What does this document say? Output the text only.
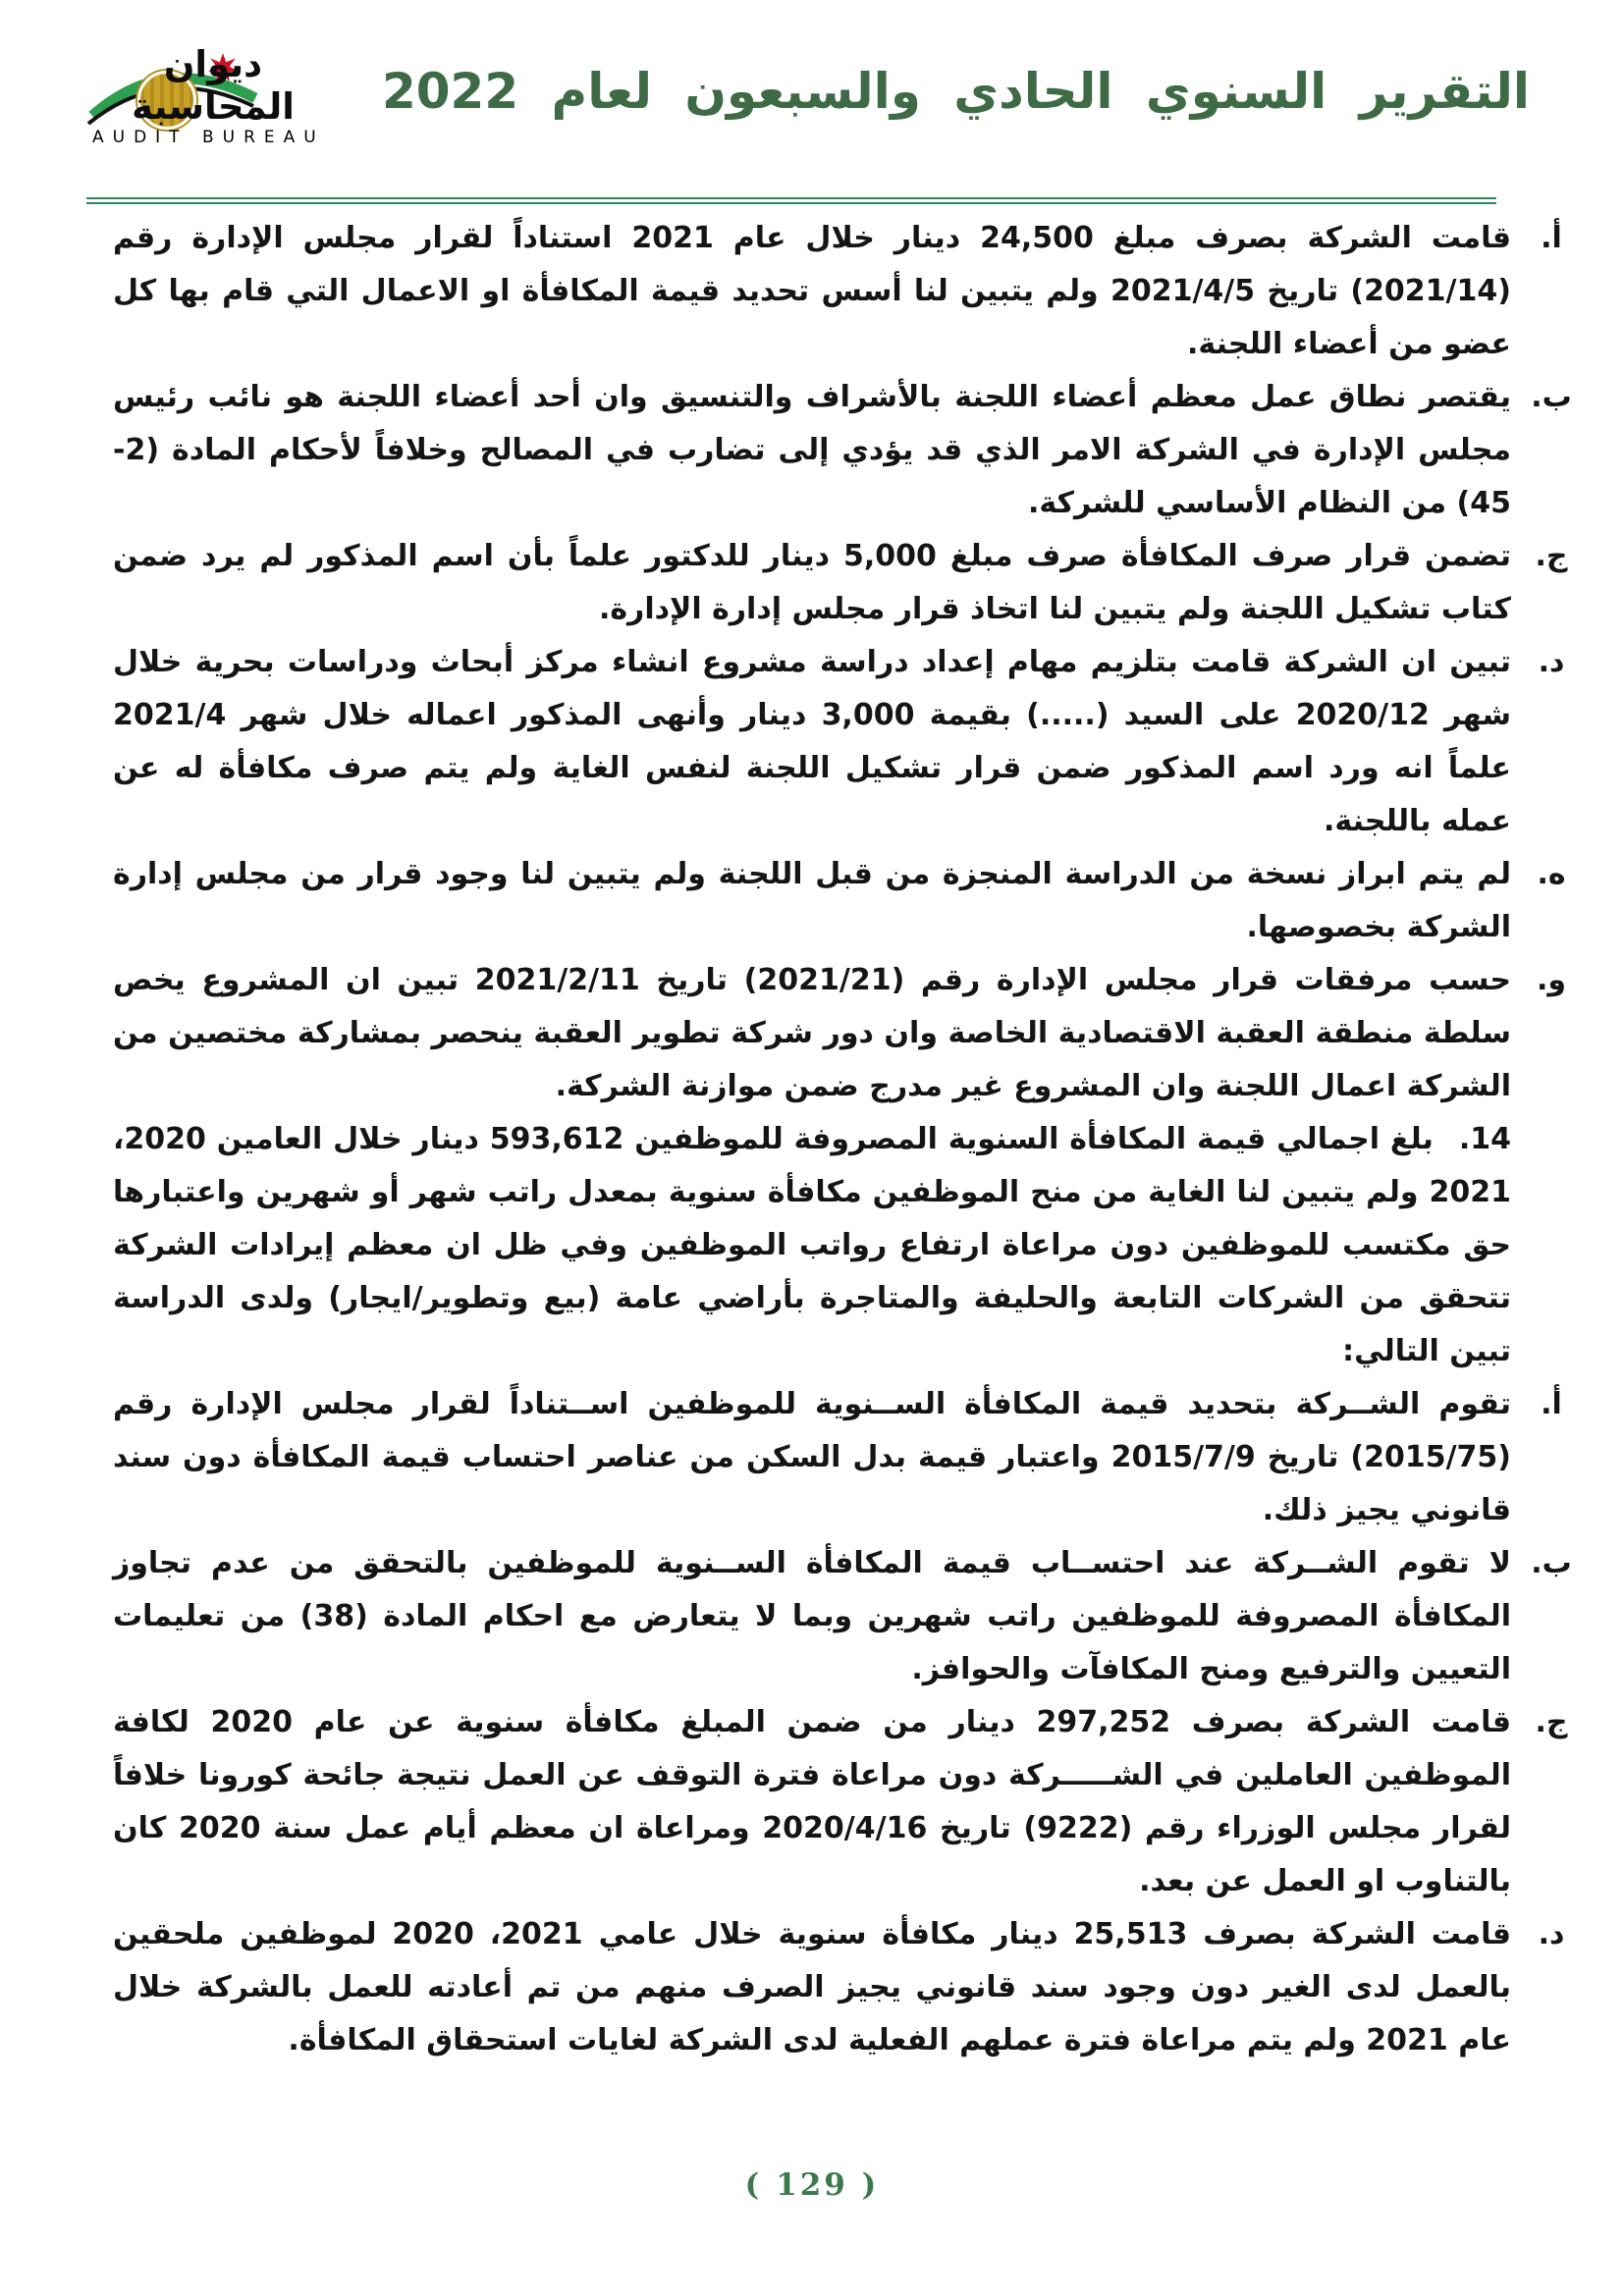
ديوان المحاسبة
AUDIT BUREAU
التقرير السنوي الحادي والسبعون لعام 2022

أ.
قامت الشركة بصرف مبلغ 24,500 دينار خلال عام 2021 استناداً لقرار مجلس الإدارة رقم (2021/14) تاريخ 2021/4/5 ولم يتبين لنا أسس تحديد قيمة المكافأة او الاعمال التي قام بها كل عضو من أعضاء اللجنة.

ب.
يقتصر نطاق عمل معظم أعضاء اللجنة بالأشراف والتنسيق وان أحد أعضاء اللجنة هو نائب رئيس مجلس الإدارة في الشركة الامر الذي قد يؤدي إلى تضارب في المصالح وخلافاً لأحكام المادة (2-45) من النظام الأساسي للشركة.

ج.
تضمن قرار صرف المكافأة صرف مبلغ 5,000 دينار للدكتور علماً بأن اسم المذكور لم يرد ضمن كتاب تشكيل اللجنة ولم يتبين لنا اتخاذ قرار مجلس إدارة الإدارة.

د.
تبين ان الشركة قامت بتلزيم مهام إعداد دراسة مشروع انشاء مركز أبحاث ودراسات بحرية خلال شهر 2020/12 على السيد (.....) بقيمة 3,000 دينار وأنهى المذكور اعماله خلال شهر 2021/4 علماً انه ورد اسم المذكور ضمن قرار تشكيل اللجنة لنفس الغاية ولم يتم صرف مكافأة له عن عمله باللجنة.

ه.
لم يتم ابراز نسخة من الدراسة المنجزة من قبل اللجنة ولم يتبين لنا وجود قرار من مجلس إدارة الشركة بخصوصها.

و.
حسب مرفقات قرار مجلس الإدارة رقم (2021/21) تاريخ 2021/2/11 تبين ان المشروع يخص سلطة منطقة العقبة الاقتصادية الخاصة وان دور شركة تطوير العقبة ينحصر بمشاركة مختصين من الشركة اعمال اللجنة وان المشروع غير مدرج ضمن موازنة الشركة.

14.بلغ اجمالي قيمة المكافأة السنوية المصروفة للموظفين 593,612 دينار خلال العامين 2020، 2021 ولم يتبين لنا الغاية من منح الموظفين مكافأة سنوية بمعدل راتب شهر أو شهرين واعتبارها حق مكتسب للموظفين دون مراعاة ارتفاع رواتب الموظفين وفي ظل ان معظم إيرادات الشركة تتحقق من الشركات التابعة والحليفة والمتاجرة بأراضي عامة (بيع وتطوير/ايجار) ولدى الدراسة تبين التالي:

أ.
تقوم الشــركة بتحديد قيمة المكافأة الســنوية للموظفين اســتناداً لقرار مجلس الإدارة رقم (2015/75) تاريخ 2015/7/9 واعتبار قيمة بدل السكن من عناصر احتساب قيمة المكافأة دون سند قانوني يجيز ذلك.

ب.
لا تقوم الشــركة عند احتســاب قيمة المكافأة الســنوية للموظفين بالتحقق من عدم تجاوز المكافأة المصروفة للموظفين راتب شهرين وبما لا يتعارض مع احكام المادة (38) من تعليمات التعيين والترفيع ومنح المكافآت والحوافز.

ج.
قامت الشركة بصرف 297,252 دينار من ضمن المبلغ مكافأة سنوية عن عام 2020 لكافة الموظفين العاملين في الشـــــركة دون مراعاة فترة التوقف عن العمل نتيجة جائحة كورونا خلافاً لقرار مجلس الوزراء رقم (9222) تاريخ 2020/4/16 ومراعاة ان معظم أيام عمل سنة 2020 كان بالتناوب او العمل عن بعد.

د.
قامت الشركة بصرف 25,513 دينار مكافأة سنوية خلال عامي 2021، 2020 لموظفين ملحقين بالعمل لدى الغير دون وجود سند قانوني يجيز الصرف منهم من تم أعادته للعمل بالشركة خلال عام 2021 ولم يتم مراعاة فترة عملهم الفعلية لدى الشركة لغايات استحقاق المكافأة.

( 129 )
